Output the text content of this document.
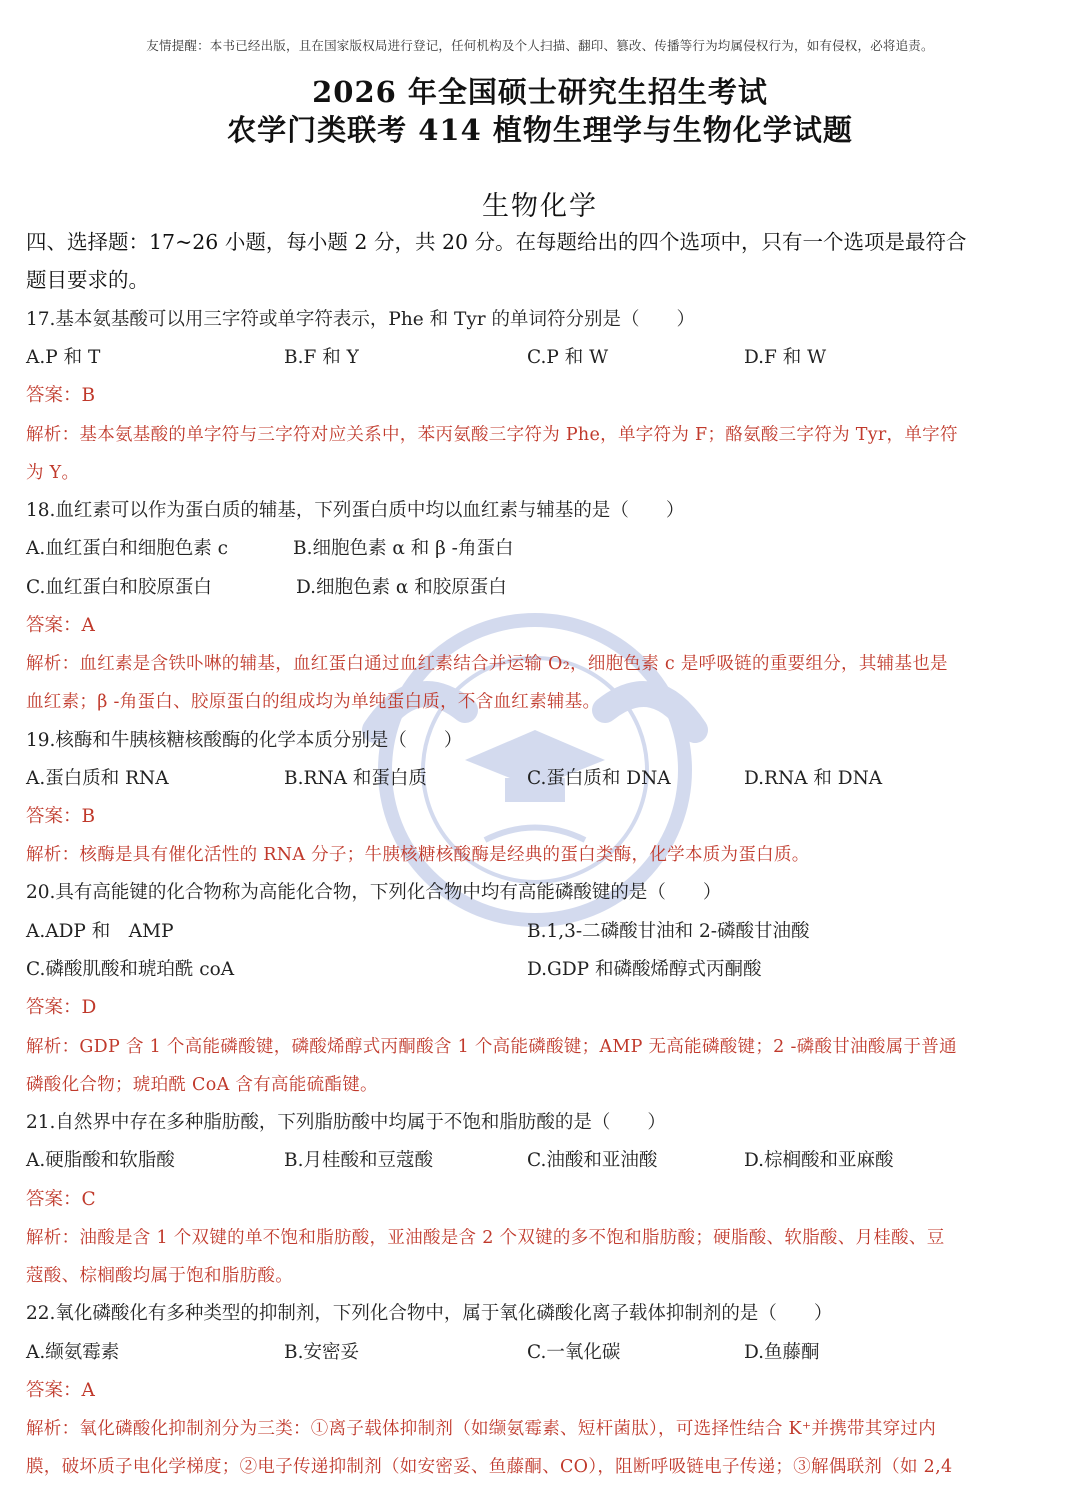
友情提醒：本书已经出版，且在国家版权局进行登记，任何机构及个人扫描、翻印、篡改、传播等行为均属侵权行为，如有侵权，必将追责。
2026 年全国硕士研究生招生考试
农学门类联考 414 植物生理学与生物化学试题
生物化学
四、选择题：17~26 小题，每小题 2 分，共 20 分。在每题给出的四个选项中，只有一个选项是最符合
题目要求的。
17.基本氨基酸可以用三字符或单字符表示，Phe 和 Tyr 的单词符分别是（　　）
A.P 和 T	B.F 和 Y	C.P 和 W	D.F 和 W
答案：B
解析：基本氨基酸的单字符与三字符对应关系中，苯丙氨酸三字符为 Phe，单字符为 F；酪氨酸三字符为 Tyr，单字符
为 Y。
18.血红素可以作为蛋白质的辅基，下列蛋白质中均以血红素与辅基的是（　　）
A.血红蛋白和细胞色素 c	B.细胞色素 α 和 β -角蛋白
C.血红蛋白和胶原蛋白	D.细胞色素 α 和胶原蛋白
答案：A
解析：血红素是含铁卟啉的辅基，血红蛋白通过血红素结合并运输 O₂，细胞色素 c 是呼吸链的重要组分，其辅基也是
血红素；β -角蛋白、胶原蛋白的组成均为单纯蛋白质，不含血红素辅基。
19.核酶和牛胰核糖核酸酶的化学本质分别是（　　）
A.蛋白质和 RNA	B.RNA 和蛋白质	C.蛋白质和 DNA	D.RNA 和 DNA
答案：B
解析：核酶是具有催化活性的 RNA 分子；牛胰核糖核酸酶是经典的蛋白类酶，化学本质为蛋白质。
20.具有高能键的化合物称为高能化合物，下列化合物中均有高能磷酸键的是（　　）
A.ADP 和　AMP	B.1,3-二磷酸甘油和 2-磷酸甘油酸
C.磷酸肌酸和琥珀酰 coA	D.GDP 和磷酸烯醇式丙酮酸
答案：D
解析：GDP 含 1 个高能磷酸键，磷酸烯醇式丙酮酸含 1 个高能磷酸键；AMP 无高能磷酸键；2 -磷酸甘油酸属于普通
磷酸化合物；琥珀酰 CoA 含有高能硫酯键。
21.自然界中存在多种脂肪酸，下列脂肪酸中均属于不饱和脂肪酸的是（　　）
A.硬脂酸和软脂酸	B.月桂酸和豆蔻酸	C.油酸和亚油酸	D.棕榈酸和亚麻酸
答案：C
解析：油酸是含 1 个双键的单不饱和脂肪酸，亚油酸是含 2 个双键的多不饱和脂肪酸；硬脂酸、软脂酸、月桂酸、豆
蔻酸、棕榈酸均属于饱和脂肪酸。
22.氧化磷酸化有多种类型的抑制剂，下列化合物中，属于氧化磷酸化离子载体抑制剂的是（　　）
A.缬氨霉素	B.安密妥	C.一氧化碳	D.鱼藤酮
答案：A
解析：氧化磷酸化抑制剂分为三类：①离子载体抑制剂（如缬氨霉素、短杆菌肽），可选择性结合 K⁺并携带其穿过内
膜，破坏质子电化学梯度；②电子传递抑制剂（如安密妥、鱼藤酮、CO），阻断呼吸链电子传递；③解偶联剂（如 2,4
